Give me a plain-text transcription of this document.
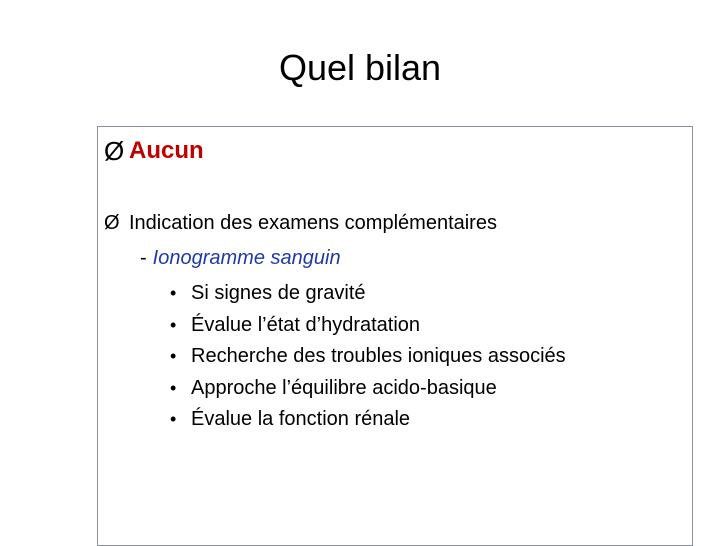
Quel bilan
Ø Aucun
Ø Indication des examens complémentaires
- Ionogramme sanguin
• Si signes de gravité
• Évalue l’état d’hydratation
• Recherche des troubles ioniques associés
• Approche l’équilibre acido-basique
• Évalue la fonction rénale
